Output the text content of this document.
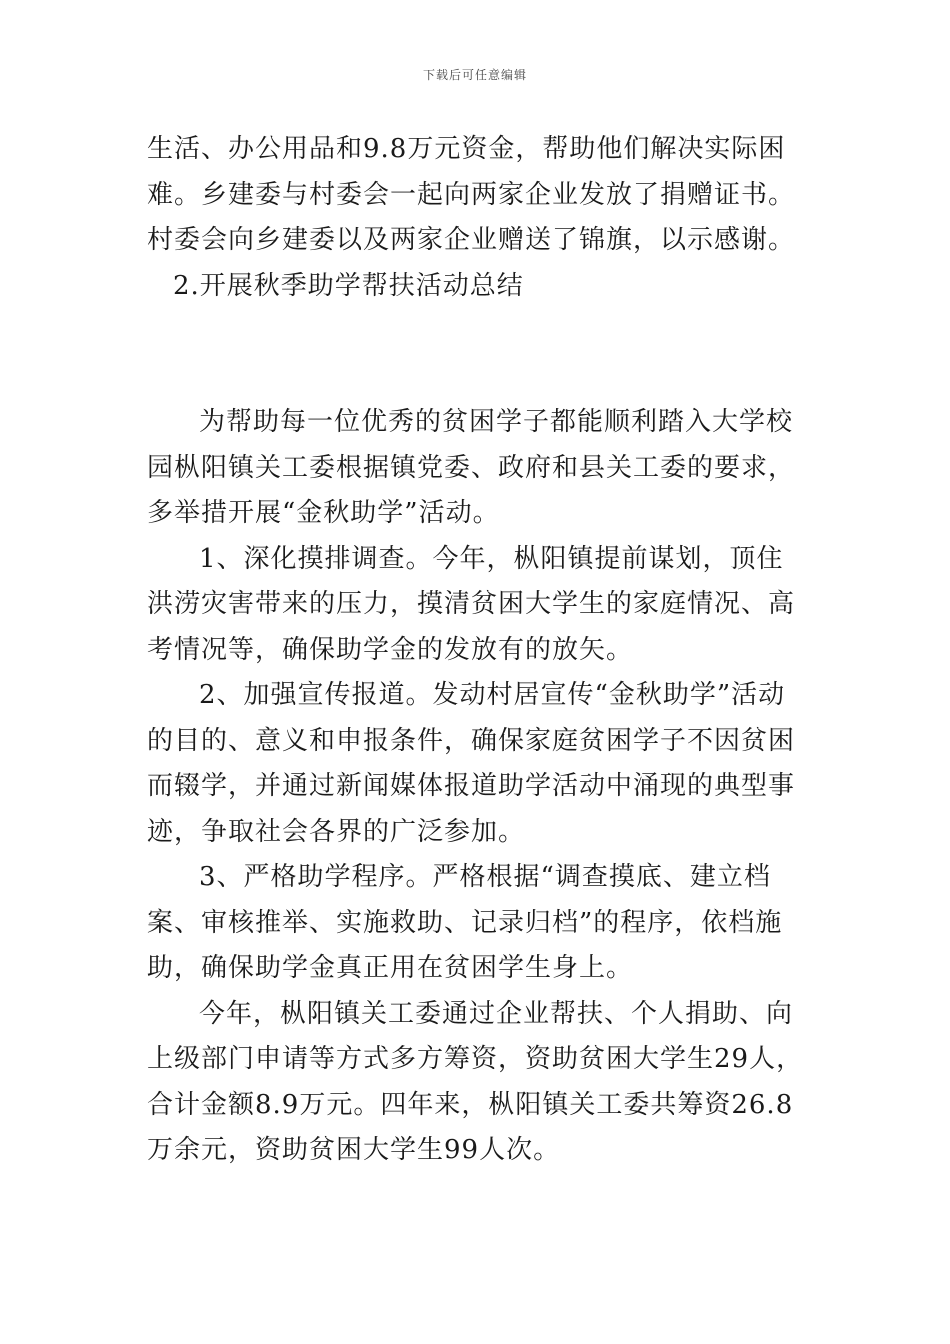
下载后可任意编辑

生活、办公用品和9.8万元资金，帮助他们解决实际困难。乡建委与村委会一起向两家企业发放了捐赠证书。村委会向乡建委以及两家企业赠送了锦旗，以示感谢。

2.开展秋季助学帮扶活动总结

为帮助每一位优秀的贫困学子都能顺利踏入大学校园枞阳镇关工委根据镇党委、政府和县关工委的要求，多举措开展“金秋助学”活动。

1、深化摸排调查。今年，枞阳镇提前谋划，顶住洪涝灾害带来的压力，摸清贫困大学生的家庭情况、高考情况等，确保助学金的发放有的放矢。

2、加强宣传报道。发动村居宣传“金秋助学”活动的目的、意义和申报条件，确保家庭贫困学子不因贫困而辍学，并通过新闻媒体报道助学活动中涌现的典型事迹，争取社会各界的广泛参加。

3、严格助学程序。严格根据“调查摸底、建立档案、审核推举、实施救助、记录归档”的程序，依档施助，确保助学金真正用在贫困学生身上。

今年，枞阳镇关工委通过企业帮扶、个人捐助、向上级部门申请等方式多方筹资，资助贫困大学生29人，合计金额8.9万元。四年来，枞阳镇关工委共筹资26.8万余元，资助贫困大学生99人次。
